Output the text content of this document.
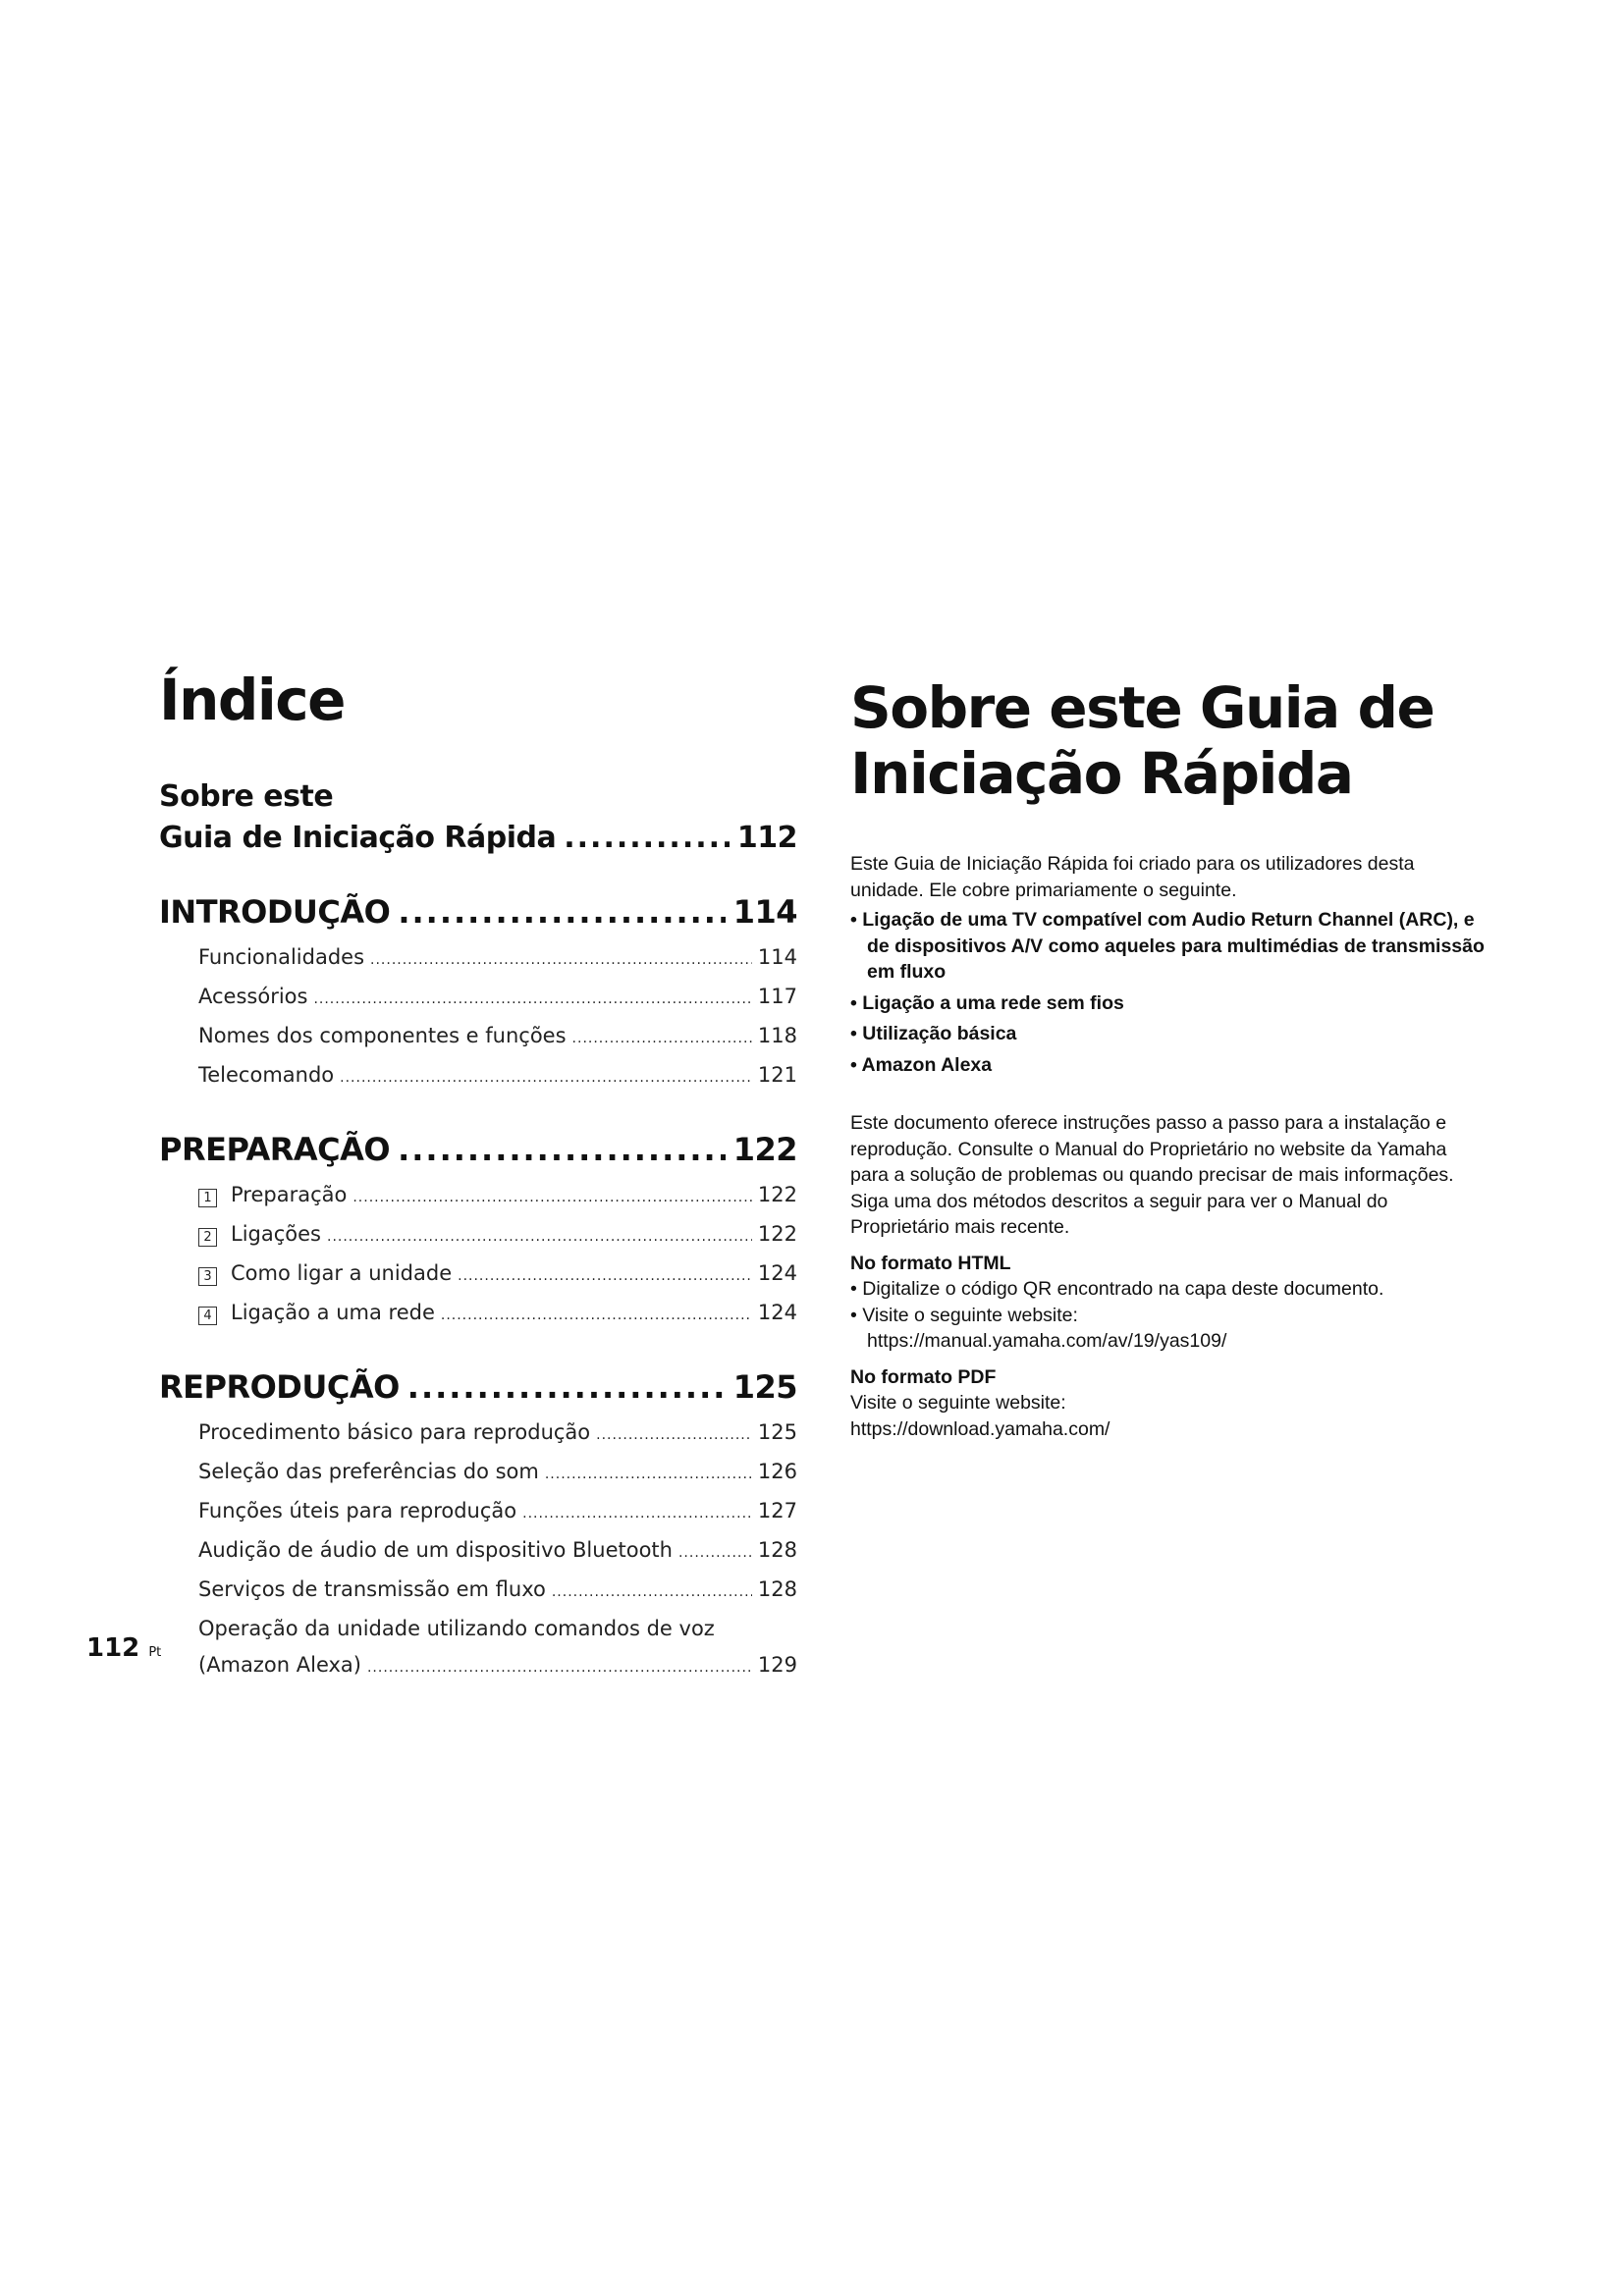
Índice
Sobre este
Guia de Iniciação Rápida .....	112
INTRODUÇÃO .....	114
Funcionalidades .....	114
Acessórios .....	117
Nomes dos componentes e funções .....	118
Telecomando .....	121
PREPARAÇÃO .....	122
1 Preparação .....	122
2 Ligações .....	122
3 Como ligar a unidade .....	124
4 Ligação a uma rede .....	124
REPRODUÇÃO .....	125
Procedimento básico para reprodução .....	125
Seleção das preferências do som .....	126
Funções úteis para reprodução .....	127
Audição de áudio de um dispositivo Bluetooth .....	128
Serviços de transmissão em fluxo .....	128
Operação da unidade utilizando comandos de voz
(Amazon Alexa) .....	129
Sobre este Guia de
Iniciação Rápida

Este Guia de Iniciação Rápida foi criado para os utilizadores desta unidade. Ele cobre primariamente o seguinte.

• Ligação de uma TV compatível com Audio Return Channel (ARC), e de dispositivos A/V como aqueles para multimédias de transmissão em fluxo
• Ligação a uma rede sem fios
• Utilização básica
• Amazon Alexa

Este documento oferece instruções passo a passo para a instalação e reprodução. Consulte o Manual do Proprietário no website da Yamaha para a solução de problemas ou quando precisar de mais informações.

Siga uma dos métodos descritos a seguir para ver o Manual do Proprietário mais recente.

No formato HTML
• Digitalize o código QR encontrado na capa deste documento.
• Visite o seguinte website:
https://manual.yamaha.com/av/19/yas109/
No formato PDF
Visite o seguinte website:
https://download.yamaha.com/
112 Pt
